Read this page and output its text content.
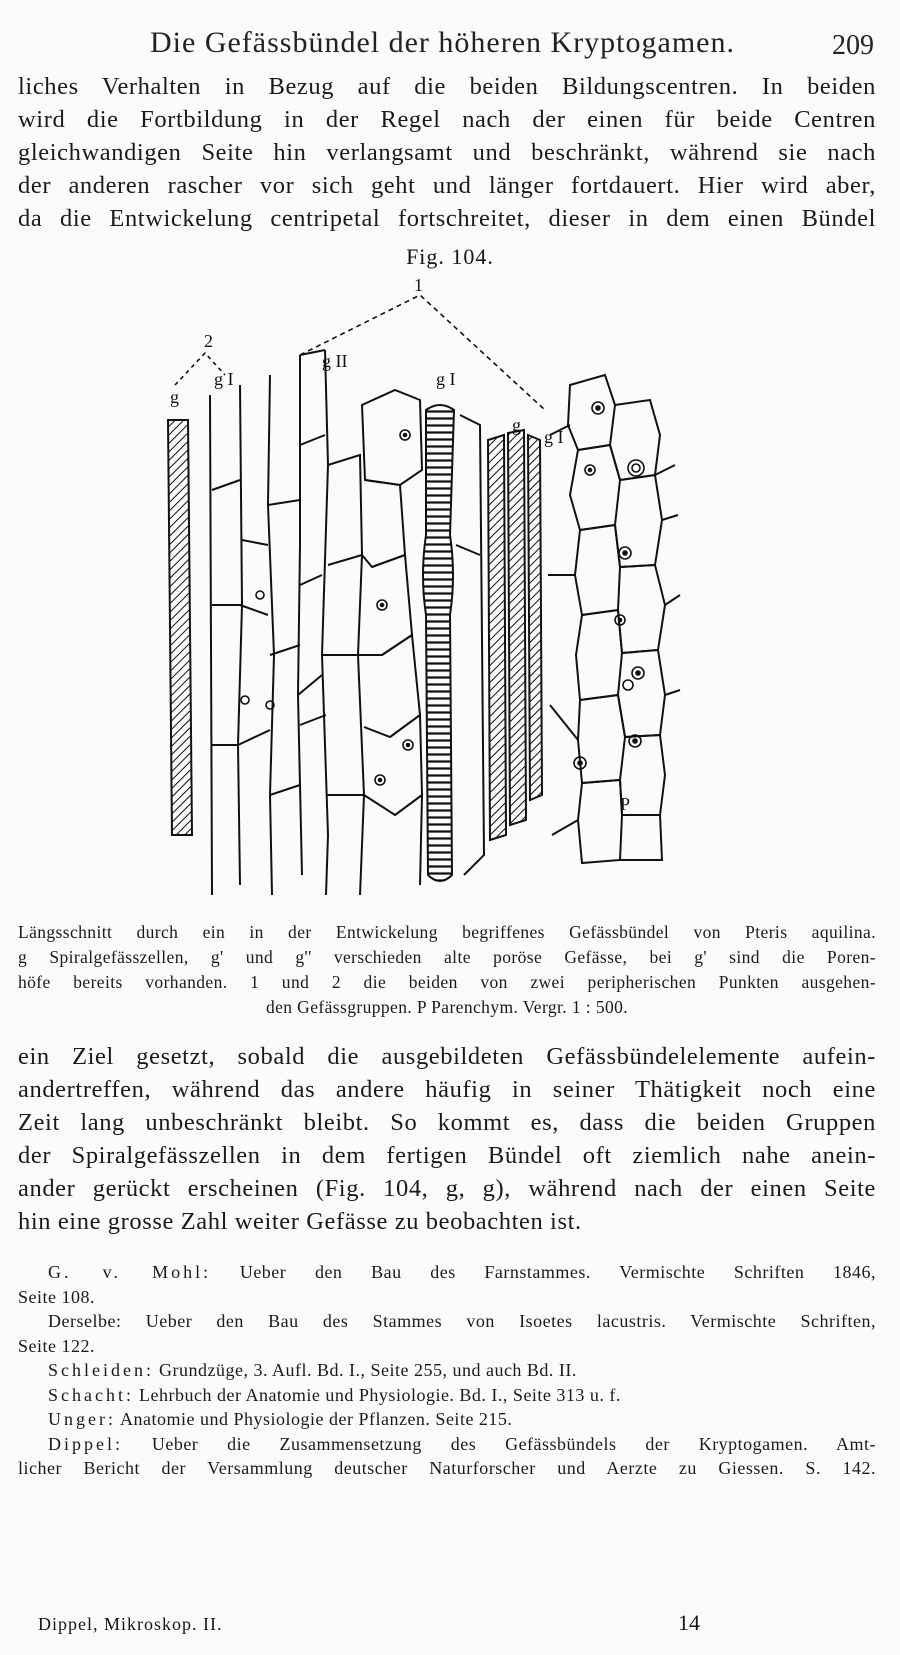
Die Gefässbündel der höheren Kryptogamen.	209
liches Verhalten in Bezug auf die beiden Bildungscentren. In beiden
wird die Fortbildung in der Regel nach der einen für beide Centren
gleichwandigen Seite hin verlangsamt und beschränkt, während sie nach
der anderen rascher vor sich geht und länger fortdauert. Hier wird aber,
da die Entwickelung centripetal fortschreitet, dieser in dem einen Bündel
Fig. 104.
1
2
g
g I
g II
g I
g
g I
P
Längsschnitt durch ein in der Entwickelung begriffenes Gefässbündel von Pteris aquilina.
g Spiralgefässzellen, g' und g'' verschieden alte poröse Gefässe, bei g' sind die Poren-
höfe bereits vorhanden. 1 und 2 die beiden von zwei peripherischen Punkten ausgehen-
den Gefässgruppen. P Parenchym. Vergr. 1 : 500.
ein Ziel gesetzt, sobald die ausgebildeten Gefässbündelelemente aufein-
andertreffen, während das andere häufig in seiner Thätigkeit noch eine
Zeit lang unbeschränkt bleibt. So kommt es, dass die beiden Gruppen
der Spiralgefässzellen in dem fertigen Bündel oft ziemlich nahe anein-
ander gerückt erscheinen (Fig. 104, g, g), während nach der einen Seite
hin eine grosse Zahl weiter Gefässe zu beobachten ist.
G. v. Mohl: Ueber den Bau des Farnstammes. Vermischte Schriften 1846,
Seite 108.
Derselbe: Ueber den Bau des Stammes von Isoetes lacustris. Vermischte Schriften,
Seite 122.
Schleiden: Grundzüge, 3. Aufl. Bd. I., Seite 255, und auch Bd. II.
Schacht: Lehrbuch der Anatomie und Physiologie. Bd. I., Seite 313 u. f.
Unger: Anatomie und Physiologie der Pflanzen. Seite 215.
Dippel: Ueber die Zusammensetzung des Gefässbündels der Kryptogamen. Amt-
licher Bericht der Versammlung deutscher Naturforscher und Aerzte zu Giessen. S. 142.
Dippel, Mikroskop. II.	14
